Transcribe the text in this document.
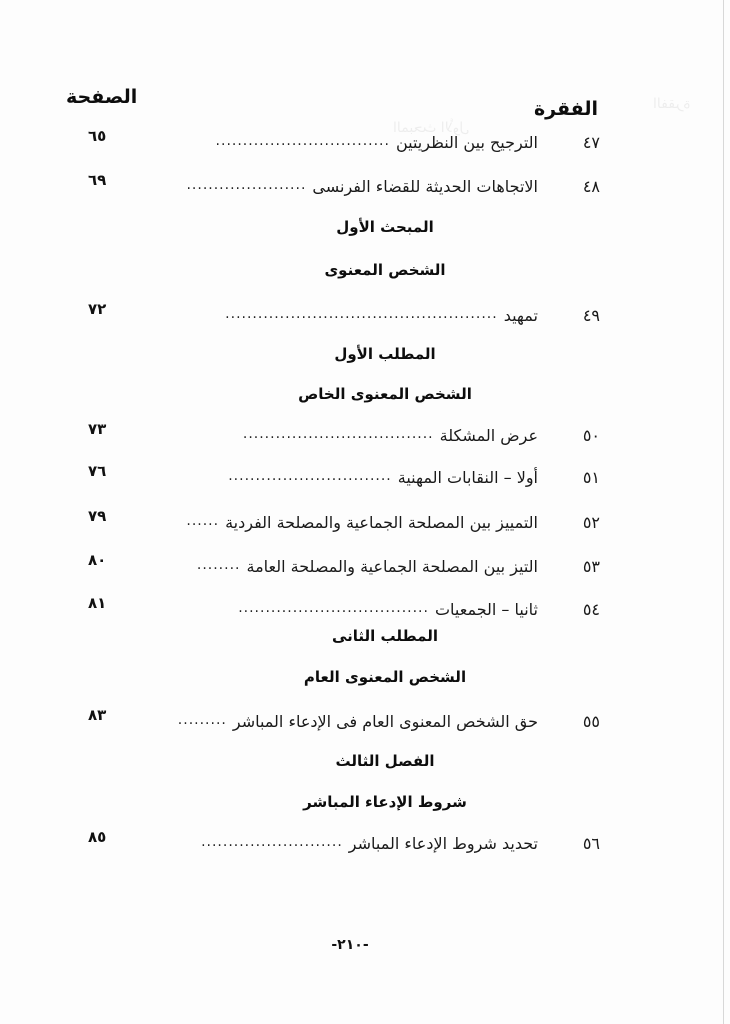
الفقرة
المبحث الأول
الصفحة
الفقرة
٤٧
الترجيح بين النظريتين
................................
٦٥
٤٨
الاتجاهات الحديثة للقضاء الفرنسى
......................
٦٩
المبحث الأول
الشخص المعنوى
٤٩
تمهيد
..................................................
٧٢
المطلب الأول
الشخص المعنوى الخاص
٥٠
عرض المشكلة
...................................
٧٣
٥١
أولا – النقابات المهنية
..............................
٧٦
٥٢
التمييز بين المصلحة الجماعية والمصلحة الفردية
......
٧٩
٥٣
التيز بين المصلحة الجماعية والمصلحة العامة
........
٨٠
٥٤
ثانيا – الجمعيات
...................................
٨١
المطلب الثانى
الشخص المعنوى العام
٥٥
حق الشخص المعنوى العام فى الإدعاء المباشر
.........
٨٣
الفصل الثالث
شروط الإدعاء المباشر
٥٦
تحديد شروط الإدعاء المباشر
..........................
٨٥
-٢١٠-
